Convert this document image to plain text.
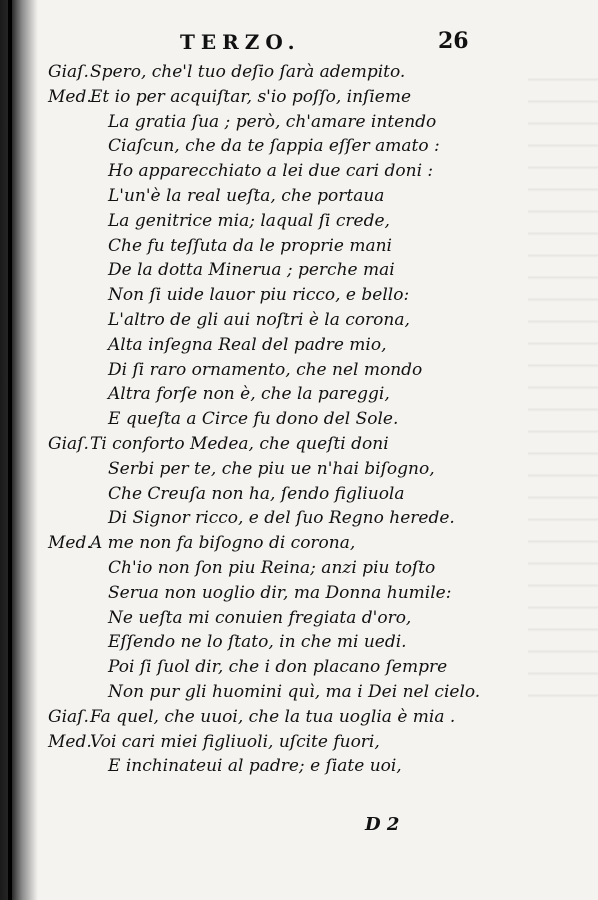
TERZO.	26
Giaſ. Spero, che'l tuo deſio ſarà adempito.
Med.
Et io per acquiſtar, s'io poſſo, inſieme
La gratia ſua ; però, ch'amare intendo
Ciaſcun, che da te ſappia eſſer amato :
Ho apparecchiato a lei due cari doni :
L'un'è la real ueſta, che portaua
La genitrice mia; laqual ſi crede,
Che fu teſſuta da le proprie mani
De la dotta Minerua ; perche mai
Non ſi uide lauor piu ricco, e bello:
L'altro de gli aui noſtri è la corona,
Alta inſegna Real del padre mio,
Di ſi raro ornamento, che nel mondo
Altra forſe non è, che la pareggi,
E queſta a Circe fu dono del Sole.
Giaſ. Ti conforto Medea, che queſti doni
Serbi per te, che piu ue n'hai biſogno,
Che Creuſa non ha, ſendo figliuola
Di Signor ricco, e del ſuo Regno herede.
Med.
A me non fa biſogno di corona,
Ch'io non ſon piu Reina; anzi piu toſto
Serua non uoglio dir, ma Donna humile:
Ne ueſta mi conuien fregiata d'oro,
Eſſendo ne lo ſtato, in che mi uedi.
Poi ſi ſuol dir, che i don placano ſempre
Non pur gli huomini quì, ma i Dei nel cielo.
Giaſ. Fa quel, che uuoi, che la tua uoglia è mia .
Med.
Voi cari miei figliuoli, uſcite fuori,
E inchinateui al padre; e ſiate uoi,
D 2
